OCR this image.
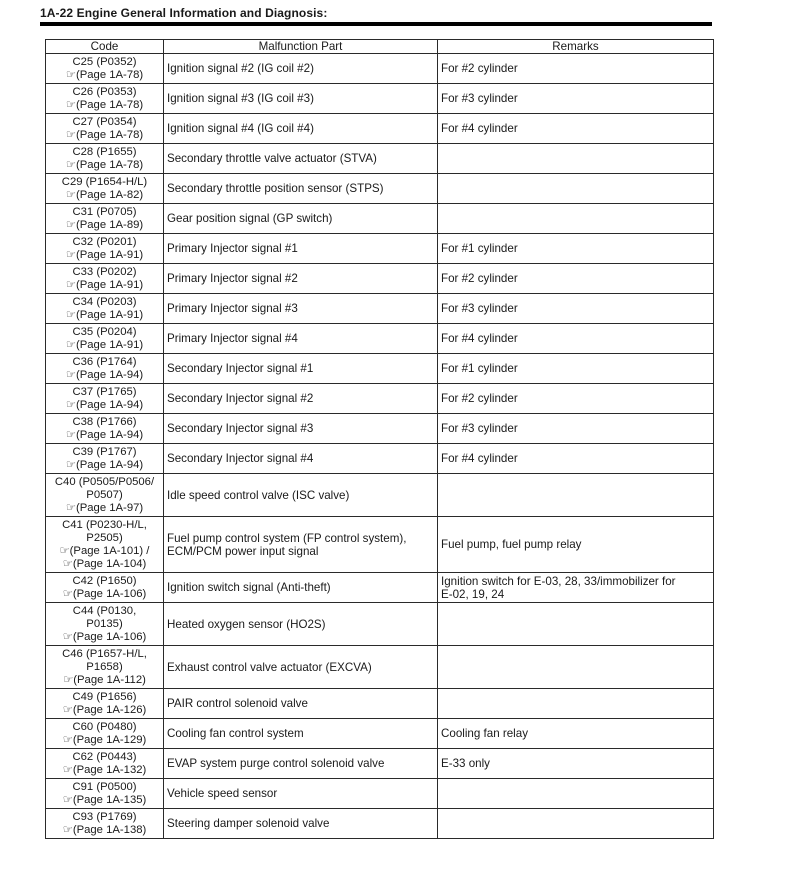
1A-22 Engine General Information and Diagnosis:
Code	Malfunction Part	Remarks
C25 (P0352)
☞(Page 1A-78)	Ignition signal #2 (IG coil #2)	For #2 cylinder
C26 (P0353)
☞(Page 1A-78)	Ignition signal #3 (IG coil #3)	For #3 cylinder
C27 (P0354)
☞(Page 1A-78)	Ignition signal #4 (IG coil #4)	For #4 cylinder
C28 (P1655)
☞(Page 1A-78)	Secondary throttle valve actuator (STVA)	
C29 (P1654-H/L)
☞(Page 1A-82)	Secondary throttle position sensor (STPS)	
C31 (P0705)
☞(Page 1A-89)	Gear position signal (GP switch)	
C32 (P0201)
☞(Page 1A-91)	Primary Injector signal #1	For #1 cylinder
C33 (P0202)
☞(Page 1A-91)	Primary Injector signal #2	For #2 cylinder
C34 (P0203)
☞(Page 1A-91)	Primary Injector signal #3	For #3 cylinder
C35 (P0204)
☞(Page 1A-91)	Primary Injector signal #4	For #4 cylinder
C36 (P1764)
☞(Page 1A-94)	Secondary Injector signal #1	For #1 cylinder
C37 (P1765)
☞(Page 1A-94)	Secondary Injector signal #2	For #2 cylinder
C38 (P1766)
☞(Page 1A-94)	Secondary Injector signal #3	For #3 cylinder
C39 (P1767)
☞(Page 1A-94)	Secondary Injector signal #4	For #4 cylinder
C40 (P0505/P0506/
P0507)
☞(Page 1A-97)	Idle speed control valve (ISC valve)	
C41 (P0230-H/L,
P2505)
☞(Page 1A-101) /
☞(Page 1A-104)	Fuel pump control system (FP control system),
ECM/PCM power input signal	Fuel pump, fuel pump relay
C42 (P1650)
☞(Page 1A-106)	Ignition switch signal (Anti-theft)	Ignition switch for E-03, 28, 33/immobilizer for
E-02, 19, 24
C44 (P0130,
P0135)
☞(Page 1A-106)	Heated oxygen sensor (HO2S)	
C46 (P1657-H/L,
P1658)
☞(Page 1A-112)	Exhaust control valve actuator (EXCVA)	
C49 (P1656)
☞(Page 1A-126)	PAIR control solenoid valve	
C60 (P0480)
☞(Page 1A-129)	Cooling fan control system	Cooling fan relay
C62 (P0443)
☞(Page 1A-132)	EVAP system purge control solenoid valve	E-33 only
C91 (P0500)
☞(Page 1A-135)	Vehicle speed sensor	
C93 (P1769)
☞(Page 1A-138)	Steering damper solenoid valve	
